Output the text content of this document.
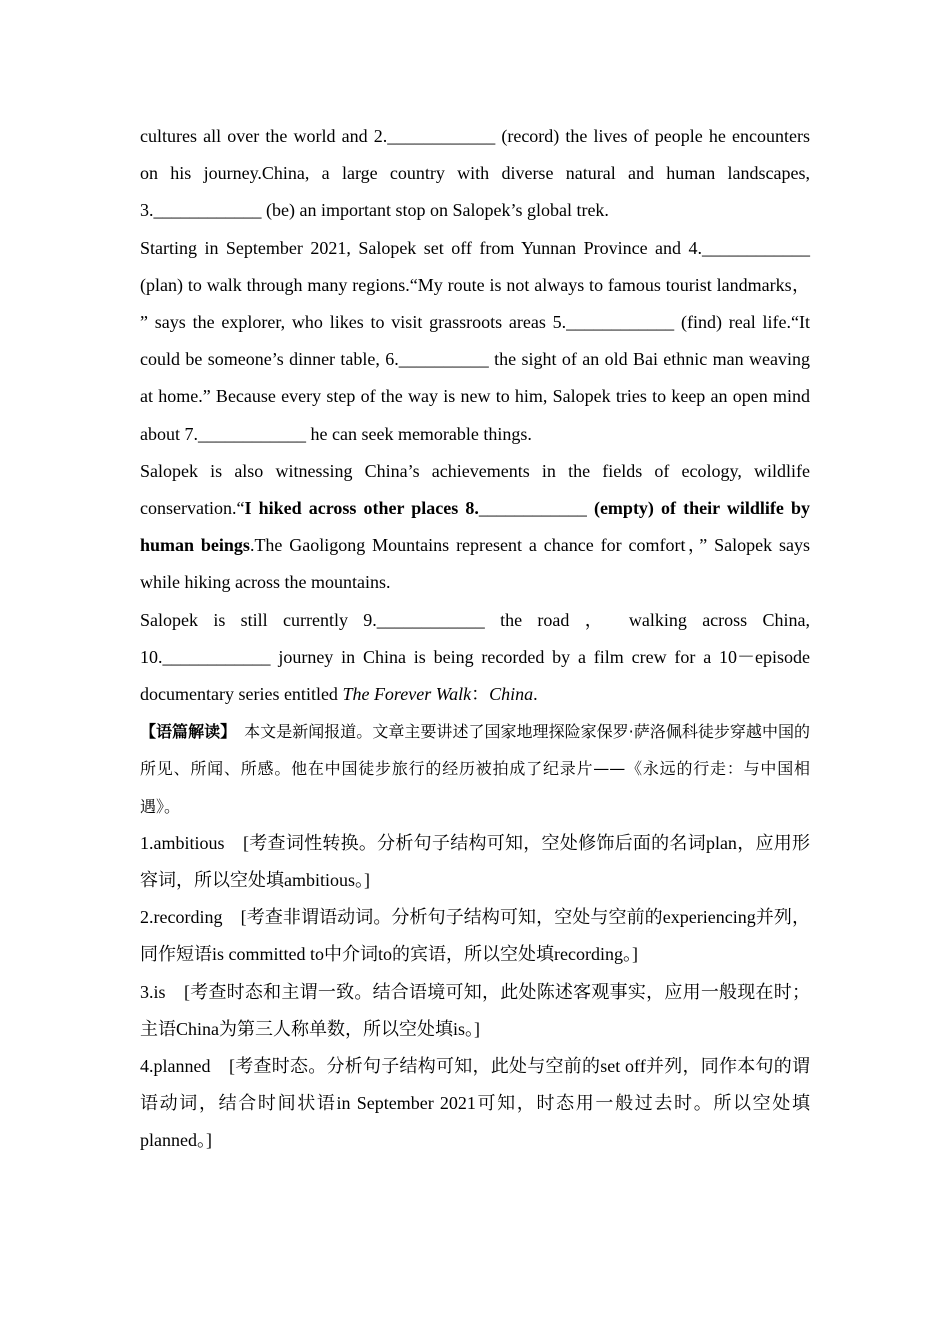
cultures all over the world and 2.____________ (record) the lives of people he encounters on his journey.China, a large country with diverse natural and human landscapes, 3.____________ (be) an important stop on Salopek’s global trek.

Starting in September 2021, Salopek set off from Yunnan Province and 4.____________ (plan) to walk through many regions.“My route is not always to famous tourist landmarks， ” says the explorer, who likes to visit grassroots areas 5.____________ (find) real life.“It could be someone’s dinner table, 6.__________ the sight of an old Bai ethnic man weaving at home.” Because every step of the way is new to him, Salopek tries to keep an open mind about 7.____________ he can seek memorable things.

Salopek is also witnessing China’s achievements in the fields of ecology, wildlife conservation.“I hiked across other places 8.____________ (empty) of their wildlife by human beings.The Gaoligong Mountains represent a chance for comfort，” Salopek says while hiking across the mountains.

Salopek is still currently 9.____________ the road ， walking across China, 10.____________ journey in China is being recorded by a film crew for a 10－episode documentary series entitled The Forever Walk：China.

【语篇解读】　本文是新闻报道。文章主要讲述了国家地理探险家保罗·萨洛佩科徒步穿越中国的所见、所闻、所感。他在中国徒步旅行的经历被拍成了纪录片——《永远的行走：与中国相遇》。

1.ambitious　[考查词性转换。分析句子结构可知，空处修饰后面的名词plan，应用形容词，所以空处填ambitious。]

2.recording　[考查非谓语动词。分析句子结构可知，空处与空前的experiencing并列，同作短语is committed to中介词to的宾语，所以空处填recording。]

3.is　[考查时态和主谓一致。结合语境可知，此处陈述客观事实，应用一般现在时；主语China为第三人称单数，所以空处填is。]

4.planned　[考查时态。分析句子结构可知，此处与空前的set off并列，同作本句的谓语动词，结合时间状语in September 2021可知，时态用一般过去时。所以空处填planned。]
